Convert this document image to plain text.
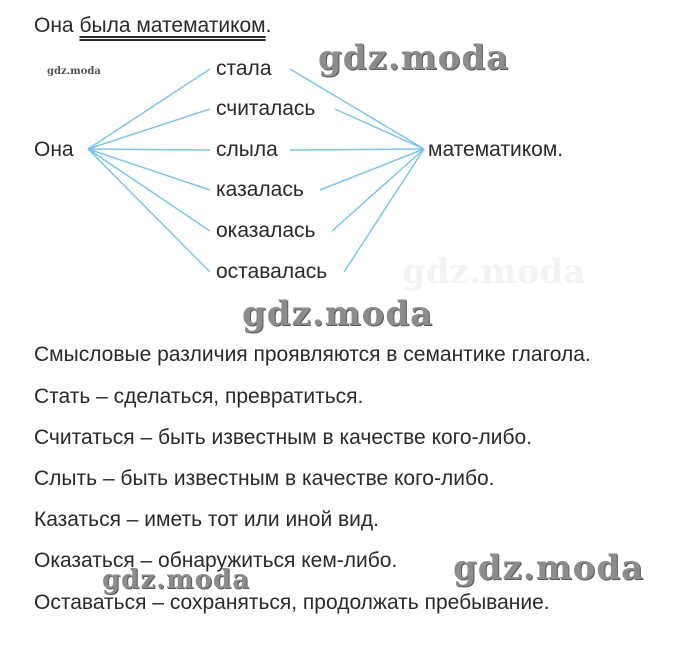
Она была математиком.
Она
стала
считалась
слыла
казалась
оказалась
оставалась
математиком.
Смысловые различия проявляются в семантике глагола.
Стать – сделаться, превратиться.
Считаться – быть известным в качестве кого-либо.
Слыть – быть известным в качестве кого-либо.
Казаться – иметь тот или иной вид.
Оказаться – обнаружиться кем-либо.
Оставаться – сохраняться, продолжать пребывание.
gdz.moda	gdz.moda
gdz.moda
gdz.moda
gdz.moda
gdz.moda
